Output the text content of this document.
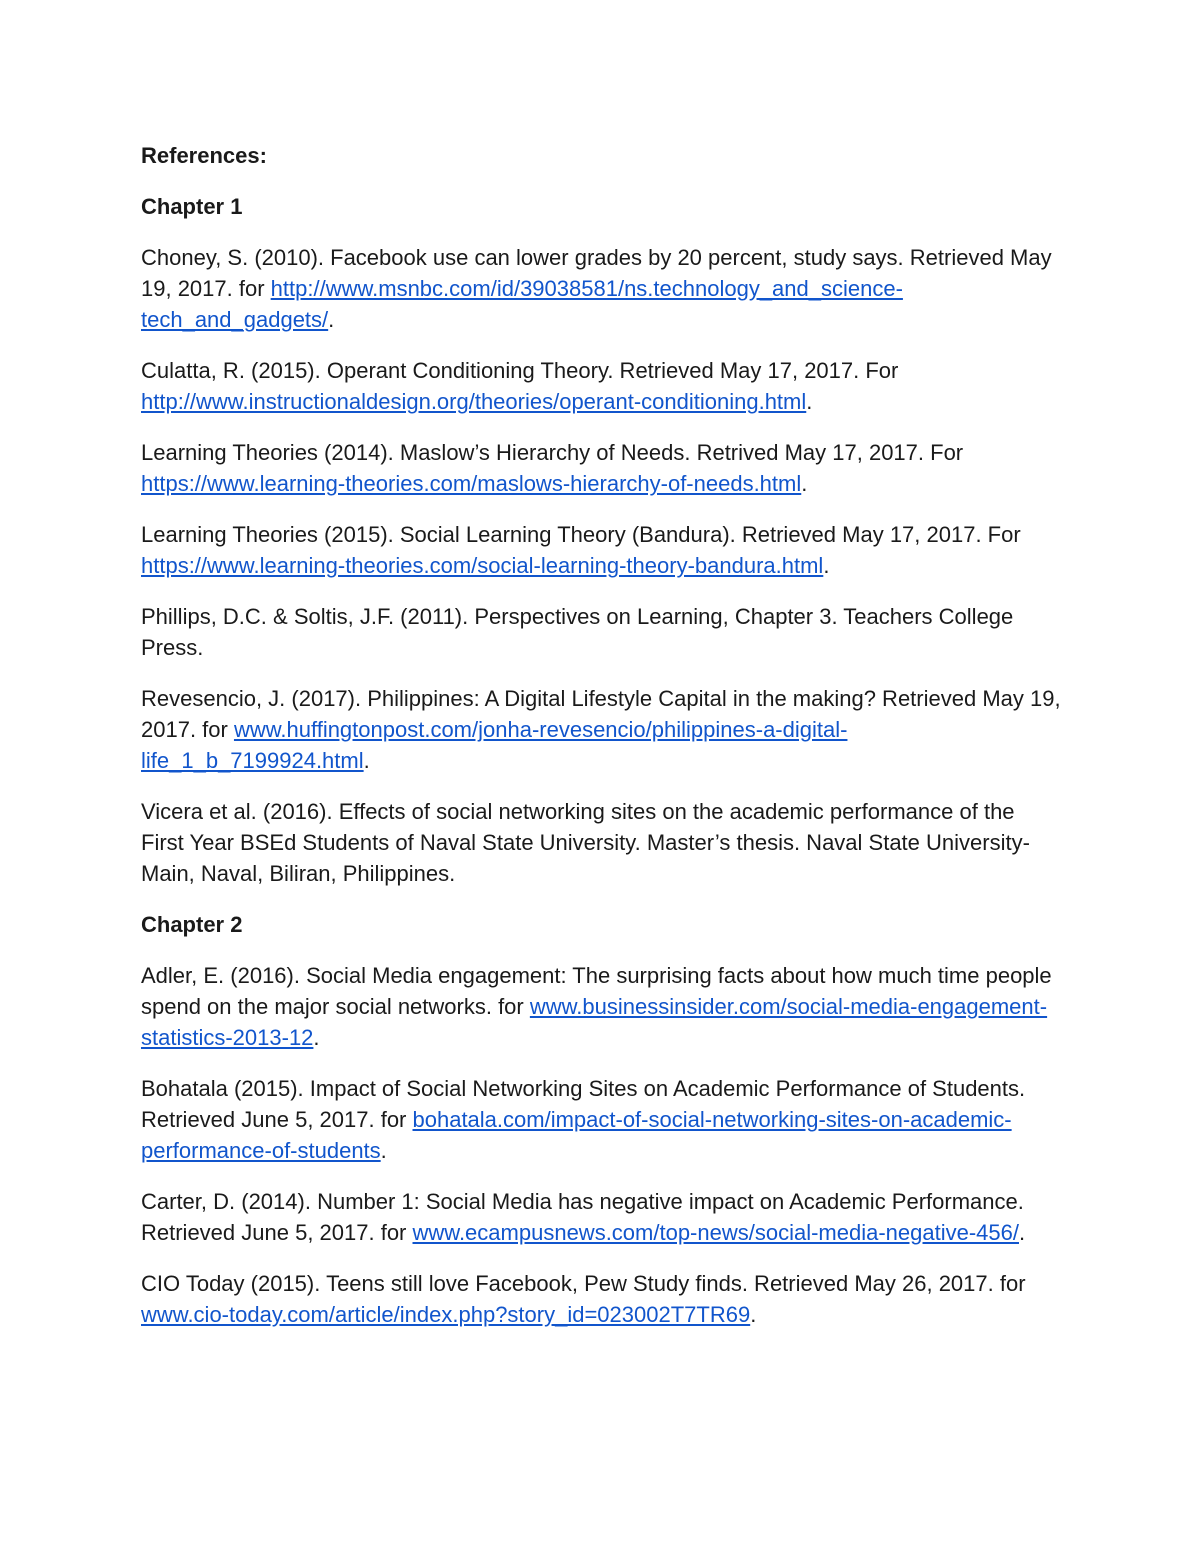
References:
Chapter 1
Choney, S. (2010). Facebook use can lower grades by 20 percent, study says. Retrieved May 19, 2017. for http://www.msnbc.com/id/39038581/ns.technology_and_science-tech_and_gadgets/.
Culatta, R. (2015). Operant Conditioning Theory. Retrieved May 17, 2017. For http://www.instructionaldesign.org/theories/operant-conditioning.html.
Learning Theories (2014). Maslow’s Hierarchy of Needs. Retrived May 17, 2017. For https://www.learning-theories.com/maslows-hierarchy-of-needs.html.
Learning Theories (2015). Social Learning Theory (Bandura). Retrieved May 17, 2017. For https://www.learning-theories.com/social-learning-theory-bandura.html.
Phillips, D.C. & Soltis, J.F. (2011). Perspectives on Learning, Chapter 3. Teachers College Press.
Revesencio, J. (2017). Philippines: A Digital Lifestyle Capital in the making? Retrieved May 19, 2017. for www.huffingtonpost.com/jonha-revesencio/philippines-a-digital-life_1_b_7199924.html.
Vicera et al. (2016). Effects of social networking sites on the academic performance of the First Year BSEd Students of Naval State University. Master’s thesis. Naval State University-Main, Naval, Biliran, Philippines.
Chapter 2
Adler, E. (2016). Social Media engagement: The surprising facts about how much time people spend on the major social networks. for www.businessinsider.com/social-media-engagement-statistics-2013-12.
Bohatala (2015). Impact of Social Networking Sites on Academic Performance of Students. Retrieved June 5, 2017. for bohatala.com/impact-of-social-networking-sites-on-academic-performance-of-students.
Carter, D. (2014). Number 1: Social Media has negative impact on Academic Performance. Retrieved June 5, 2017. for www.ecampusnews.com/top-news/social-media-negative-456/.
CIO Today (2015). Teens still love Facebook, Pew Study finds. Retrieved May 26, 2017. for www.cio-today.com/article/index.php?story_id=023002T7TR69.
